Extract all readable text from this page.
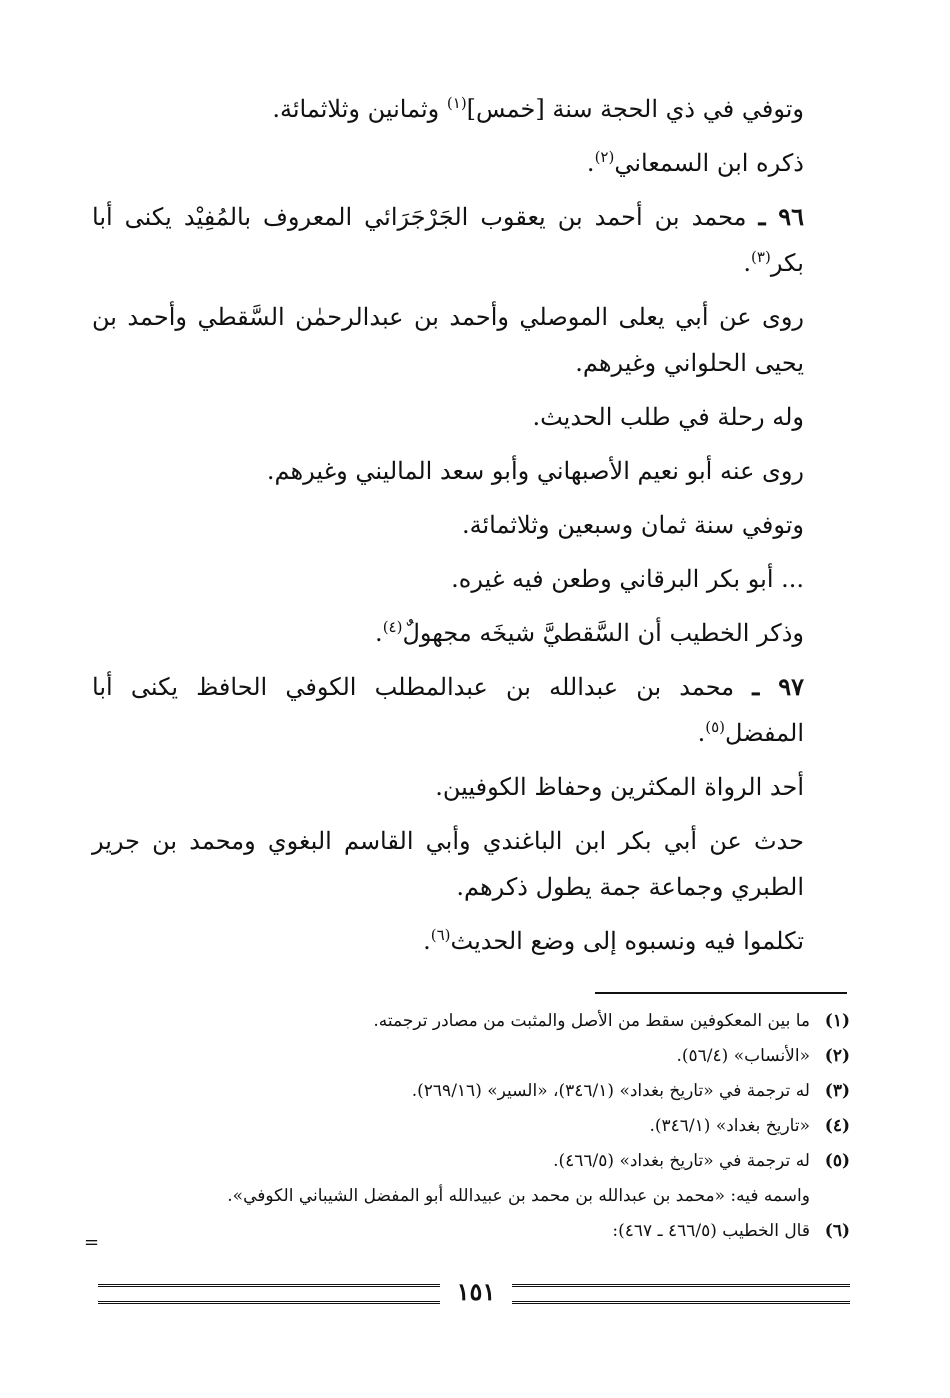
وتوفي في ذي الحجة سنة [خمس]$^{(١)}$ وثمانين وثلاثمائة.

ذكره ابن السمعاني$^{(٢)}$.

٩٦ ـ محمد بن أحمد بن يعقوب الجَرْجَرَائي المعروف بالمُفِيْد يكنى أبا بكر$^{(٣)}$.

روى عن أبي يعلى الموصلي وأحمد بن عبدالرحمٰن السَّقطي وأحمد بن يحيى الحلواني وغيرهم.

وله رحلة في طلب الحديث.

روى عنه أبو نعيم الأصبهاني وأبو سعد الماليني وغيرهم.

وتوفي سنة ثمان وسبعين وثلاثمائة.

... أبو بكر البرقاني وطعن فيه غيره.

وذكر الخطيب أن السَّقطيَّ شيخَه مجهولٌ$^{(٤)}$.

٩٧ ـ محمد بن عبدالله بن عبدالمطلب الكوفي الحافظ يكنى أبا المفضل$^{(٥)}$.

أحد الرواة المكثرين وحفاظ الكوفيين.

حدث عن أبي بكر ابن الباغندي وأبي القاسم البغوي ومحمد بن جرير الطبري وجماعة جمة يطول ذكرهم.

تكلموا فيه ونسبوه إلى وضع الحديث$^{(٦)}$.

(١)ما بين المعكوفين سقط من الأصل والمثبت من مصادر ترجمته.
(٢)«الأنساب» (٥٦/٤).
(٣)له ترجمة في «تاريخ بغداد» (٣٤٦/١)، «السير» (٢٦٩/١٦).
(٤)«تاريخ بغداد» (٣٤٦/١).
(٥)له ترجمة في «تاريخ بغداد» (٤٦٦/٥).
واسمه فيه: «محمد بن عبدالله بن محمد بن عبيدالله أبو المفضل الشيباني الكوفي».
(٦)قال الخطيب (٤٦٦/٥ ـ ٤٦٧):
=
١٥١
